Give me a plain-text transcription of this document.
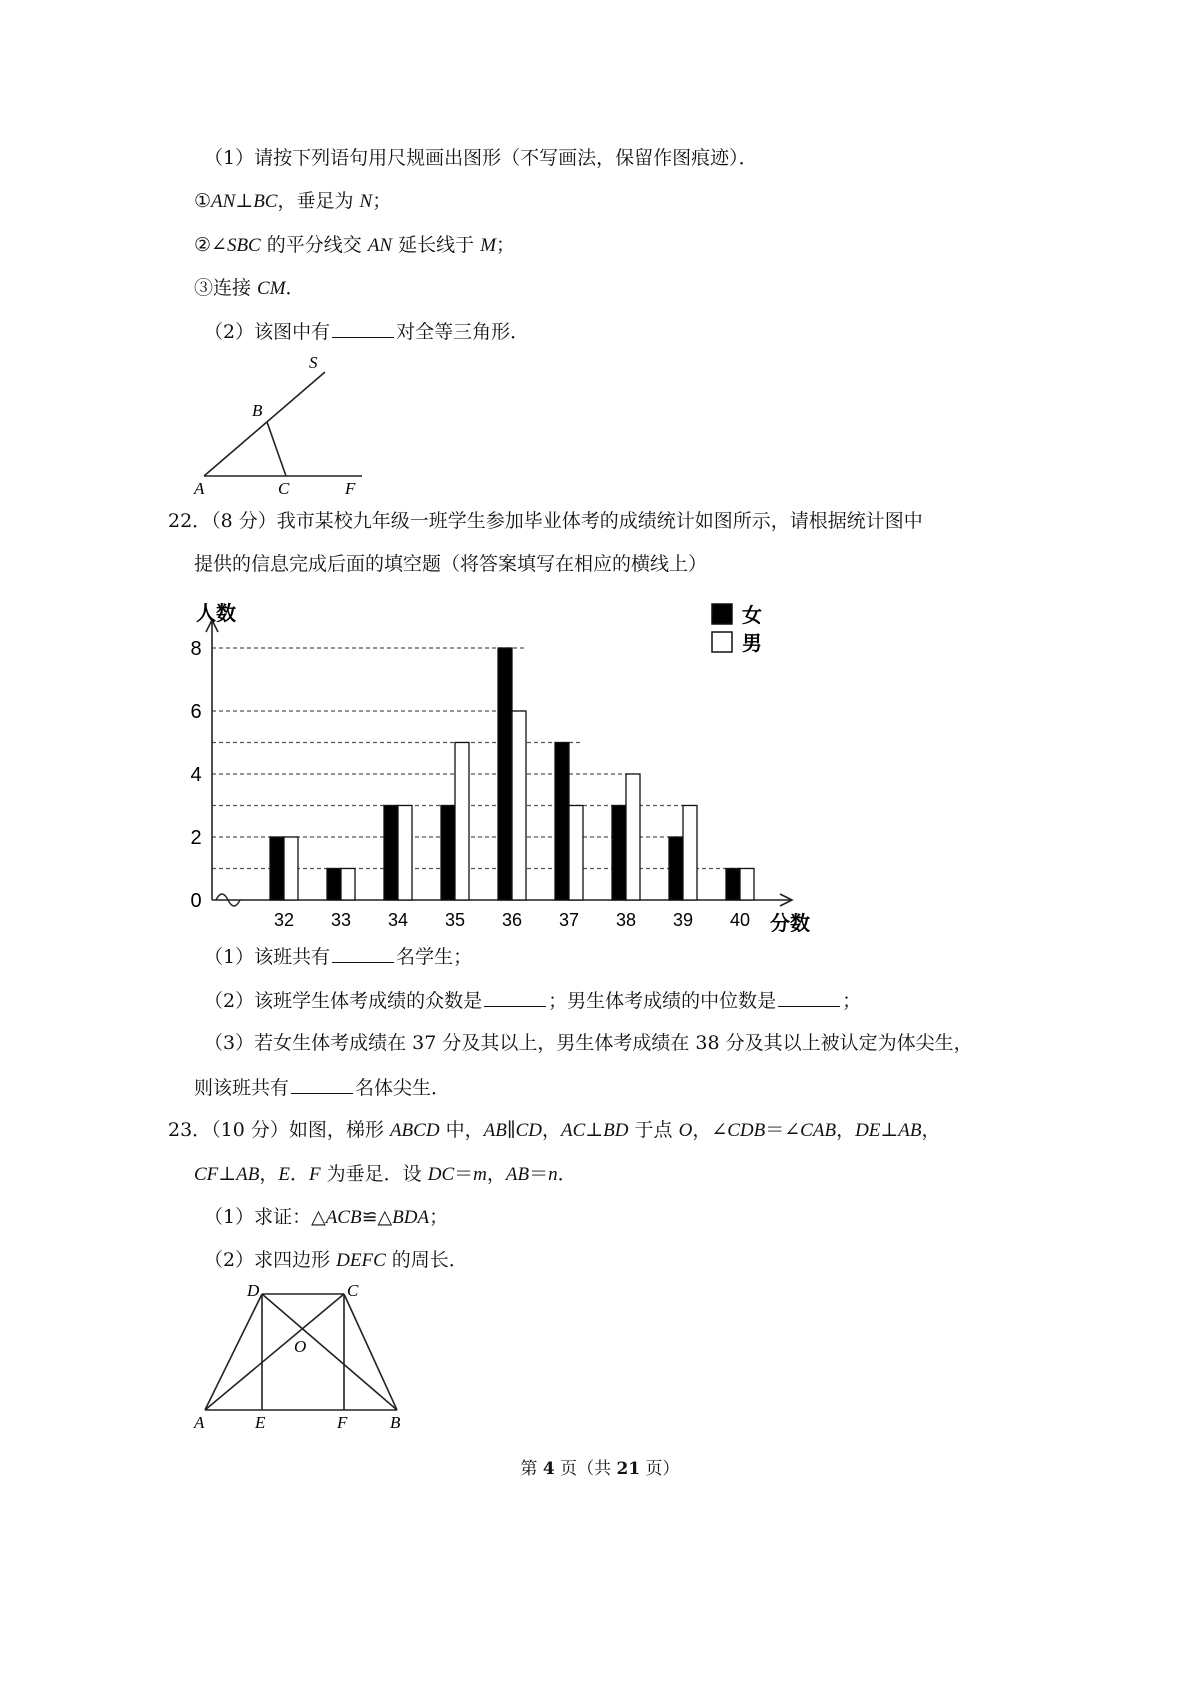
（1）请按下列语句用尺规画出图形（不写画法，保留作图痕迹）．
①AN⊥BC，垂足为 N；
②∠SBC 的平分线交 AN 延长线于 M；
③连接 CM．
（2）该图中有	对全等三角形．
S
B
A	C	F
22．（8 分）我市某校九年级一班学生参加毕业体考的成绩统计如图所示，请根据统计图中
提供的信息完成后面的填空题（将答案填写在相应的横线上）
0
2
4
6
8
32 33 34 35 36 37 38 39 40
人数
分数
女
男
（1）该班共有	名学生；
（2）该班学生体考成绩的众数是	；男生体考成绩的中位数是	；
（3）若女生体考成绩在 37 分及其以上，男生体考成绩在 38 分及其以上被认定为体尖生，
则该班共有	名体尖生．
23．（10 分）如图，梯形 ABCD 中，AB∥CD，AC⊥BD 于点 O，∠CDB＝∠CAB，DE⊥AB，
CF⊥AB，E．F 为垂足．设 DC＝m，AB＝n．
（1）求证：△ACB≌△BDA；
（2）求四边形 DEFC 的周长．
D	C
O
A	E	F	B
第 4 页（共 21 页）
